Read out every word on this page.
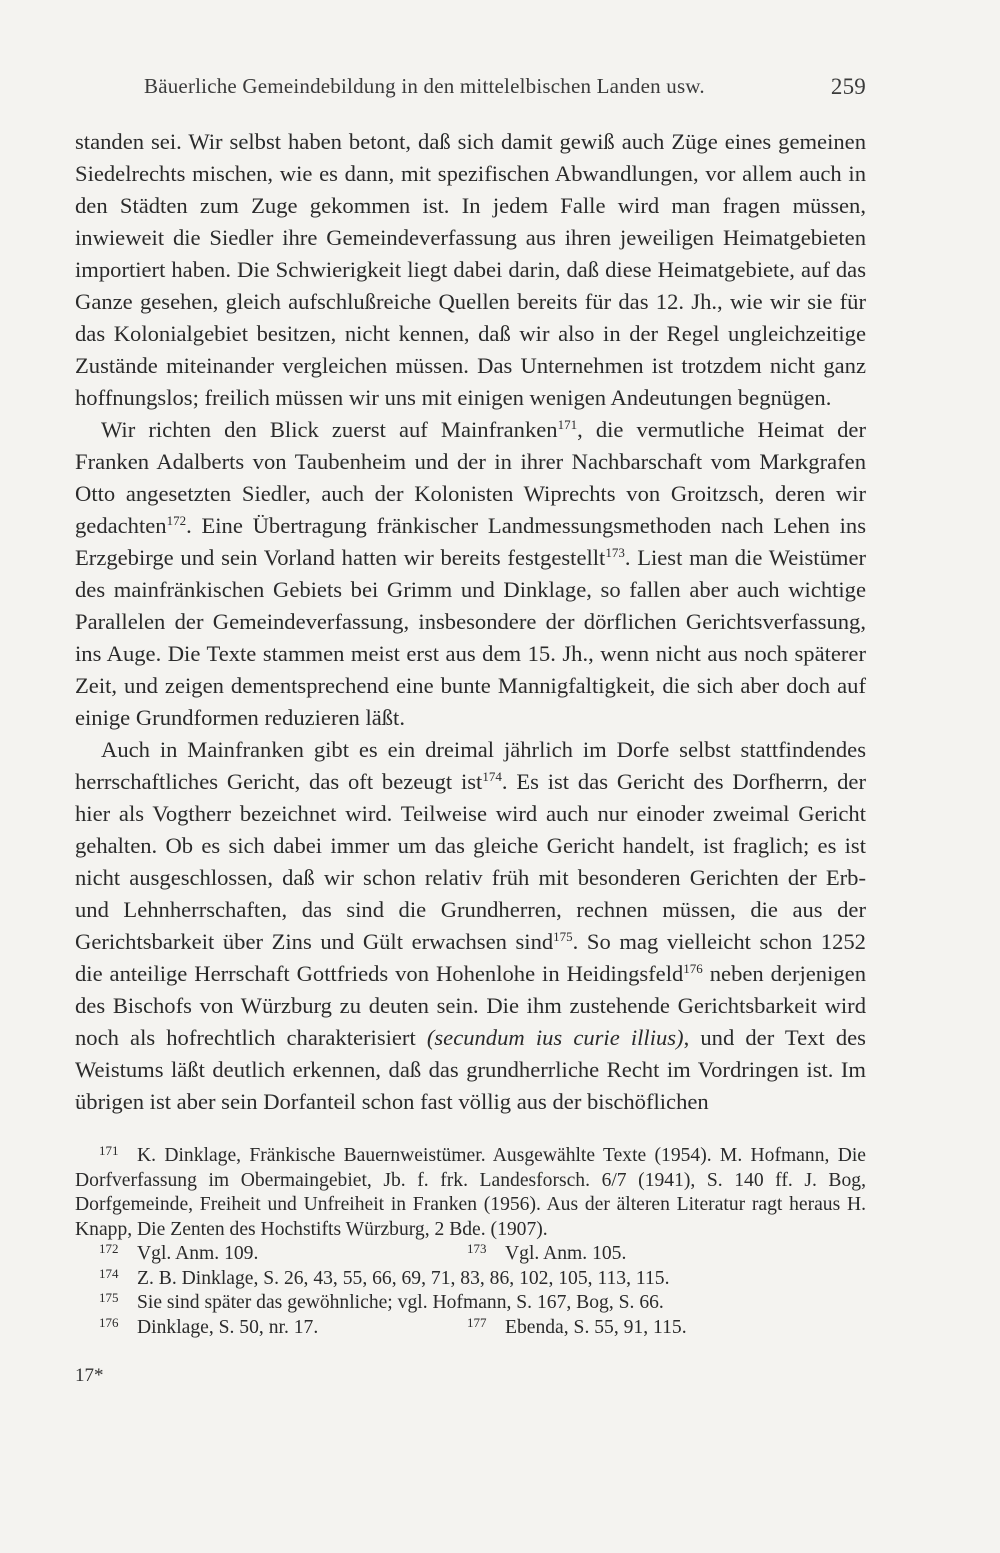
Bäuerliche Gemeindebildung in den mittelelbischen Landen usw.	259

standen sei. Wir selbst haben betont, daß sich damit gewiß auch Züge eines gemeinen Siedelrechts mischen, wie es dann, mit spezifischen Abwandlungen, vor allem auch in den Städten zum Zuge gekommen ist. In jedem Falle wird man fragen müssen, inwieweit die Siedler ihre Gemeindeverfassung aus ihren jeweiligen Heimatgebieten importiert haben. Die Schwierigkeit liegt dabei darin, daß diese Heimatgebiete, auf das Ganze gesehen, gleich aufschlußreiche Quellen bereits für das 12. Jh., wie wir sie für das Kolonialgebiet besitzen, nicht kennen, daß wir also in der Regel ungleichzeitige Zustände miteinander vergleichen müssen. Das Unternehmen ist trotzdem nicht ganz hoffnungslos; freilich müssen wir uns mit einigen wenigen Andeutungen begnügen.

Wir richten den Blick zuerst auf Mainfranken$^{171}$, die vermutliche Heimat der Franken Adalberts von Taubenheim und der in ihrer Nachbarschaft vom Markgrafen Otto angesetzten Siedler, auch der Kolonisten Wiprechts von Groitzsch, deren wir gedachten$^{172}$. Eine Übertragung fränkischer Landmessungsmethoden nach Lehen ins Erzgebirge und sein Vorland hatten wir bereits festgestellt$^{173}$. Liest man die Weistümer des mainfränkischen Gebiets bei Grimm und Dinklage, so fallen aber auch wichtige Parallelen der Gemeindeverfassung, insbesondere der dörflichen Gerichtsverfassung, ins Auge. Die Texte stammen meist erst aus dem 15. Jh., wenn nicht aus noch späterer Zeit, und zeigen dementsprechend eine bunte Mannigfaltigkeit, die sich aber doch auf einige Grundformen reduzieren läßt.

Auch in Mainfranken gibt es ein dreimal jährlich im Dorfe selbst stattfindendes herrschaftliches Gericht, das oft bezeugt ist$^{174}$. Es ist das Gericht des Dorfherrn, der hier als Vogtherr bezeichnet wird. Teilweise wird auch nur einoder zweimal Gericht gehalten. Ob es sich dabei immer um das gleiche Gericht handelt, ist fraglich; es ist nicht ausgeschlossen, daß wir schon relativ früh mit besonderen Gerichten der Erb- und Lehnherrschaften, das sind die Grundherren, rechnen müssen, die aus der Gerichtsbarkeit über Zins und Gült erwachsen sind$^{175}$. So mag vielleicht schon 1252 die anteilige Herrschaft Gottfrieds von Hohenlohe in Heidingsfeld$^{176}$ neben derjenigen des Bischofs von Würzburg zu deuten sein. Die ihm zustehende Gerichtsbarkeit wird noch als hofrechtlich charakterisiert (secundum ius curie illius), und der Text des Weistums läßt deutlich erkennen, daß das grundherrliche Recht im Vordringen ist. Im übrigen ist aber sein Dorfanteil schon fast völlig aus der bischöflichen

171 K. Dinklage, Fränkische Bauernweistümer. Ausgewählte Texte (1954). M. Hofmann, Die Dorfverfassung im Obermaingebiet, Jb. f. frk. Landesforsch. 6/7 (1941), S. 140 ff. J. Bog, Dorfgemeinde, Freiheit und Unfreiheit in Franken (1956). Aus der älteren Literatur ragt heraus H. Knapp, Die Zenten des Hochstifts Würzburg, 2 Bde. (1907).

172 Vgl. Anm. 109.	173 Vgl. Anm. 105.

174 Z. B. Dinklage, S. 26, 43, 55, 66, 69, 71, 83, 86, 102, 105, 113, 115.

175 Sie sind später das gewöhnliche; vgl. Hofmann, S. 167, Bog, S. 66.

176 Dinklage, S. 50, nr. 17.	177 Ebenda, S. 55, 91, 115.
17*
